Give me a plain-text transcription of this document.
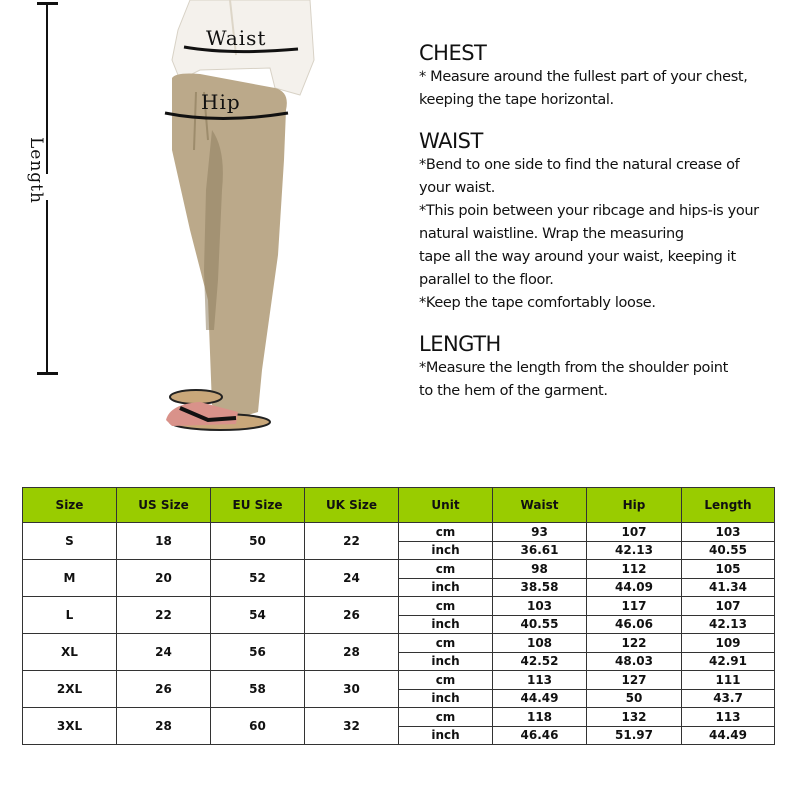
Length
Waist
Hip
CHEST
* Measure around the fullest part of your chest,
keeping the tape horizontal.
WAIST
*Bend to one side to find the natural crease of
your waist.
*This poin between your ribcage and hips-is your
natural waistline. Wrap the measuring
tape all the way around your waist, keeping it
parallel to the floor.
*Keep the tape comfortably loose.
LENGTH
*Measure the length from the shoulder point
to the hem of the garment.
Size	US Size	EU Size	UK Size	Unit	Waist	Hip	Length
S	18	50	22	cm	93	107	103
				inch	36.61	42.13	40.55
M	20	52	24	cm	98	112	105
				inch	38.58	44.09	41.34
L	22	54	26	cm	103	117	107
				inch	40.55	46.06	42.13
XL	24	56	28	cm	108	122	109
				inch	42.52	48.03	42.91
2XL	26	58	30	cm	113	127	111
				inch	44.49	50	43.7
3XL	28	60	32	cm	118	132	113
				inch	46.46	51.97	44.49
